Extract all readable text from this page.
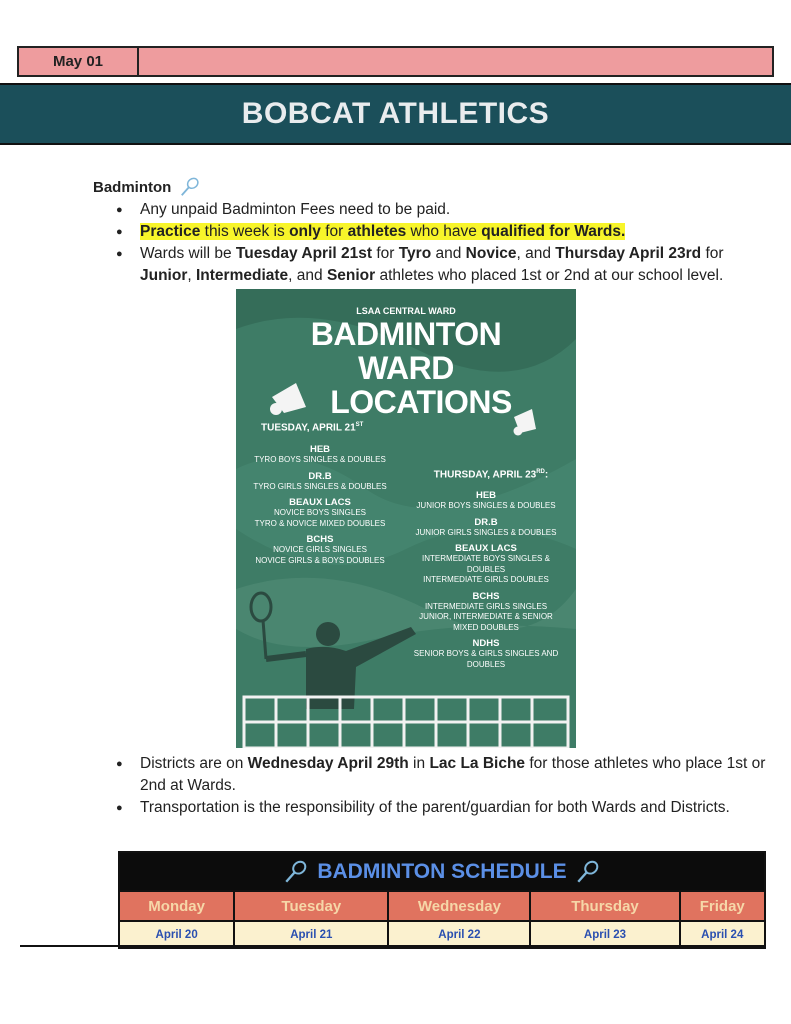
May 01
BOBCAT ATHLETICS
Badminton
● Any unpaid Badminton Fees need to be paid.
● Practice this week is only for athletes who have qualified for Wards.
● Wards will be Tuesday April 21st for Tyro and Novice, and Thursday April 23rd for Junior, Intermediate, and Senior athletes who placed 1st or 2nd at our school level.
LSAA CENTRAL WARD
BADMINTON
WARD
LOCATIONS
TUESDAY, APRIL 21ST
HEB
TYRO BOYS SINGLES & DOUBLES
DR.B
TYRO GIRLS SINGLES & DOUBLES
BEAUX LACS
NOVICE BOYS SINGLES
TYRO & NOVICE MIXED DOUBLES
BCHS
NOVICE GIRLS SINGLES
NOVICE GIRLS & BOYS DOUBLES
THURSDAY, APRIL 23RD:
HEB
JUNIOR BOYS SINGLES & DOUBLES
DR.B
JUNIOR GIRLS SINGLES & DOUBLES
BEAUX LACS
INTERMEDIATE BOYS SINGLES &
DOUBLES
INTERMEDIATE GIRLS DOUBLES
BCHS
INTERMEDIATE GIRLS SINGLES
JUNIOR, INTERMEDIATE & SENIOR
MIXED DOUBLES
NDHS
SENIOR BOYS & GIRLS SINGLES AND
DOUBLES
● Districts are on Wednesday April 29th in Lac La Biche for those athletes who place 1st or 2nd at Wards.
● Transportation is the responsibility of the parent/guardian for both Wards and Districts.
BADMINTON SCHEDULE
Monday	Tuesday	Wednesday	Thursday	Friday
April 20	April 21	April 22	April 23	April 24
